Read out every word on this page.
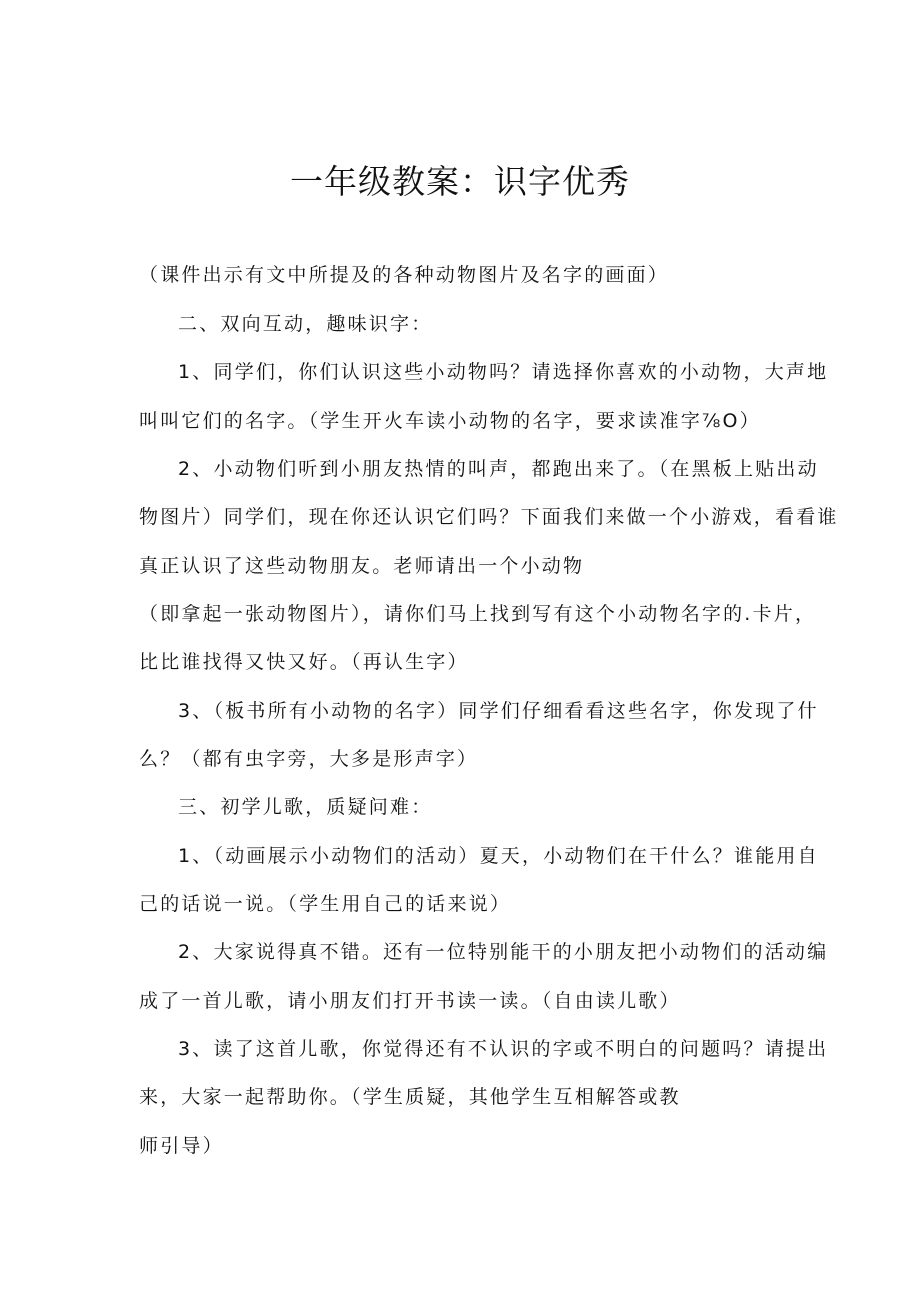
一年级教案：识字优秀

（课件出示有文中所提及的各种动物图片及名字的画面）

二、双向互动，趣味识字：

1、同学们，你们认识这些小动物吗？请选择你喜欢的小动物，大声地

叫叫它们的名字。（学生开火车读小动物的名字，要求读准字⅞O）

2、小动物们听到小朋友热情的叫声，都跑出来了。（在黑板上贴出动

物图片）同学们，现在你还认识它们吗？下面我们来做一个小游戏，看看谁

真正认识了这些动物朋友。老师请出一个小动物

（即拿起一张动物图片），请你们马上找到写有这个小动物名字的.卡片，

比比谁找得又快又好。（再认生字）

3、（板书所有小动物的名字）同学们仔细看看这些名字，你发现了什

么？（都有虫字旁，大多是形声字）

三、初学儿歌，质疑问难：

1、（动画展示小动物们的活动）夏天，小动物们在干什么？谁能用自

己的话说一说。（学生用自己的话来说）

2、大家说得真不错。还有一位特别能干的小朋友把小动物们的活动编

成了一首儿歌，请小朋友们打开书读一读。（自由读儿歌）

3、读了这首儿歌，你觉得还有不认识的字或不明白的问题吗？请提出

来，大家一起帮助你。（学生质疑，其他学生互相解答或教

师引导）
